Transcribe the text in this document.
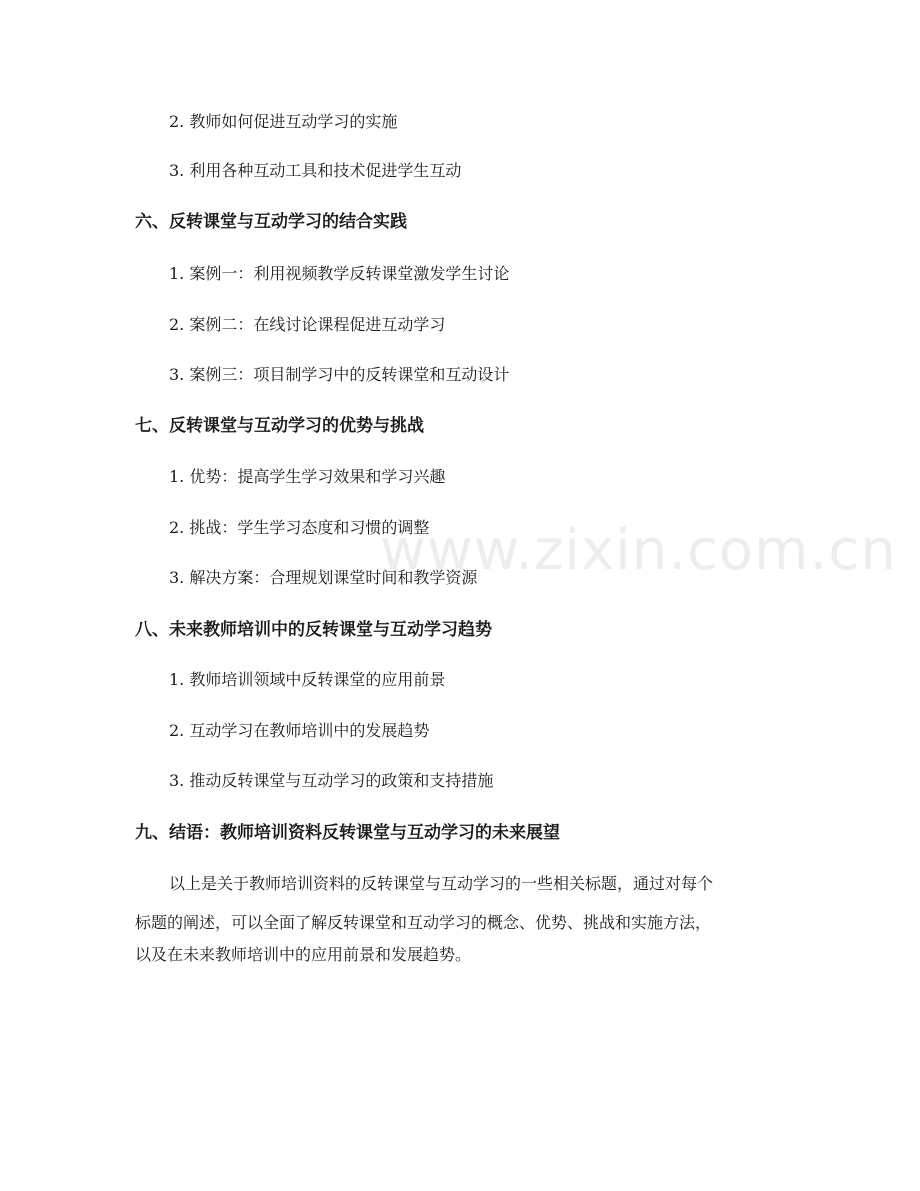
www.zixin.com.cn
2. 教师如何促进互动学习的实施
3. 利用各种互动工具和技术促进学生互动
六、反转课堂与互动学习的结合实践
1. 案例一：利用视频教学反转课堂激发学生讨论
2. 案例二：在线讨论课程促进互动学习
3. 案例三：项目制学习中的反转课堂和互动设计
七、反转课堂与互动学习的优势与挑战
1. 优势：提高学生学习效果和学习兴趣
2. 挑战：学生学习态度和习惯的调整
3. 解决方案：合理规划课堂时间和教学资源
八、未来教师培训中的反转课堂与互动学习趋势
1. 教师培训领域中反转课堂的应用前景
2. 互动学习在教师培训中的发展趋势
3. 推动反转课堂与互动学习的政策和支持措施
九、结语：教师培训资料反转课堂与互动学习的未来展望
以上是关于教师培训资料的反转课堂与互动学习的一些相关标题，通过对每个
标题的阐述，可以全面了解反转课堂和互动学习的概念、优势、挑战和实施方法，
以及在未来教师培训中的应用前景和发展趋势。
